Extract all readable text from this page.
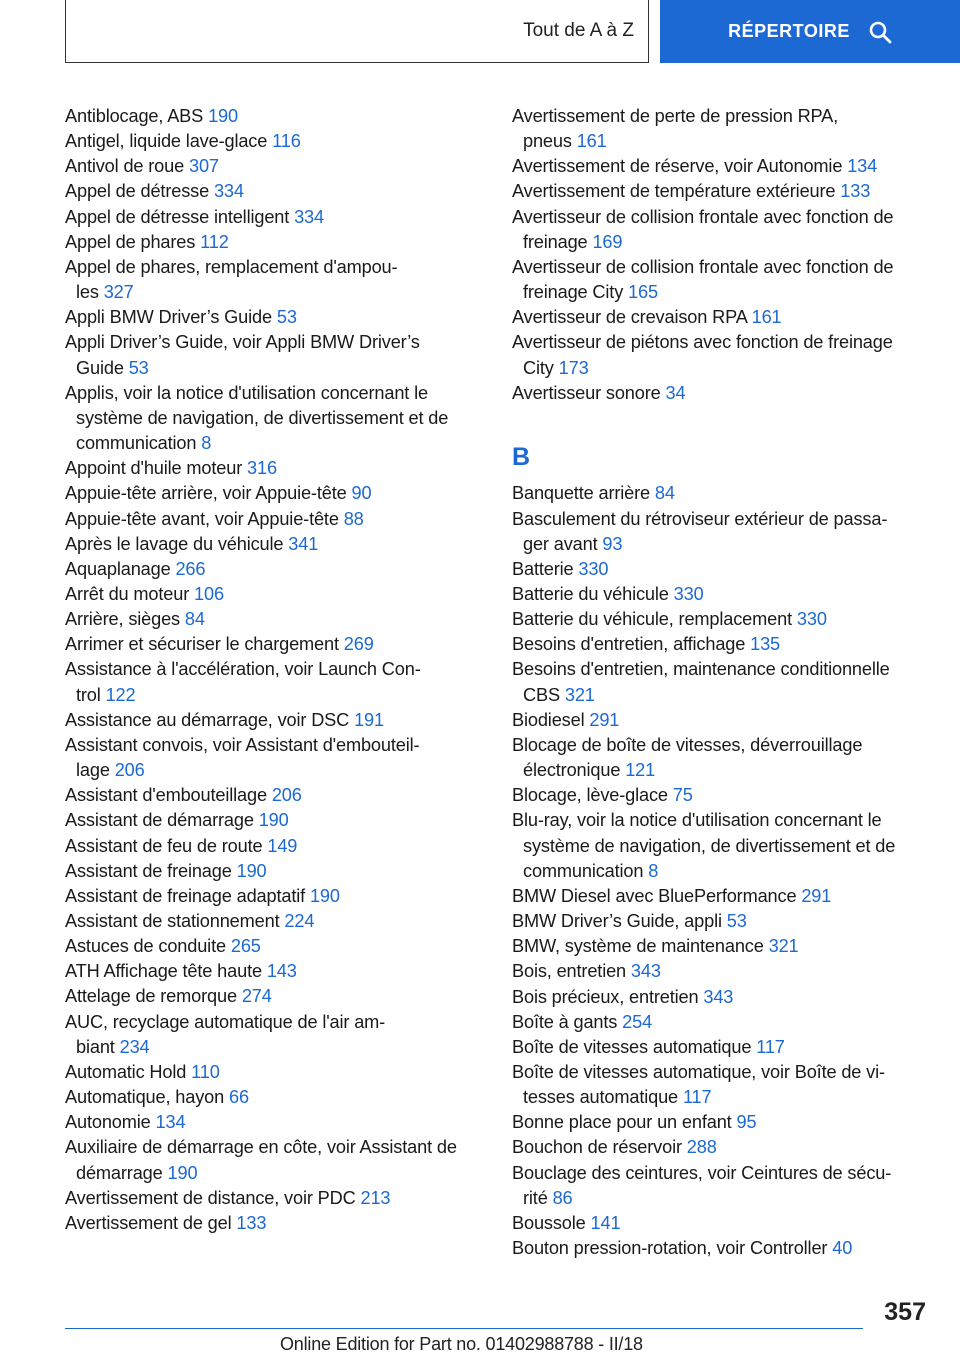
Tout de A à Z	RÉPERTOIRE
Antiblocage, ABS 190
Antigel, liquide lave-glace 116
Antivol de roue 307
Appel de détresse 334
Appel de détresse intelligent 334
Appel de phares 112
Appel de phares, remplacement d'ampou-
les 327
Appli BMW Driver’s Guide 53
Appli Driver’s Guide, voir Appli BMW Driver’s
Guide 53
Applis, voir la notice d'utilisation concernant le
système de navigation, de divertissement et de
communication 8
Appoint d'huile moteur 316
Appuie-tête arrière, voir Appuie-tête 90
Appuie-tête avant, voir Appuie-tête 88
Après le lavage du véhicule 341
Aquaplanage 266
Arrêt du moteur 106
Arrière, sièges 84
Arrimer et sécuriser le chargement 269
Assistance à l'accélération, voir Launch Con-
trol 122
Assistance au démarrage, voir DSC 191
Assistant convois, voir Assistant d'embouteil-
lage 206
Assistant d'embouteillage 206
Assistant de démarrage 190
Assistant de feu de route 149
Assistant de freinage 190
Assistant de freinage adaptatif 190
Assistant de stationnement 224
Astuces de conduite 265
ATH Affichage tête haute 143
Attelage de remorque 274
AUC, recyclage automatique de l'air am-
biant 234
Automatic Hold 110
Automatique, hayon 66
Autonomie 134
Auxiliaire de démarrage en côte, voir Assistant de
démarrage 190
Avertissement de distance, voir PDC 213
Avertissement de gel 133
Avertissement de perte de pression RPA,
pneus 161
Avertissement de réserve, voir Autonomie 134
Avertissement de température extérieure 133
Avertisseur de collision frontale avec fonction de
freinage 169
Avertisseur de collision frontale avec fonction de
freinage City 165
Avertisseur de crevaison RPA 161
Avertisseur de piétons avec fonction de freinage
City 173
Avertisseur sonore 34
B
Banquette arrière 84
Basculement du rétroviseur extérieur de passa-
ger avant 93
Batterie 330
Batterie du véhicule 330
Batterie du véhicule, remplacement 330
Besoins d'entretien, affichage 135
Besoins d'entretien, maintenance conditionnelle
CBS 321
Biodiesel 291
Blocage de boîte de vitesses, déverrouillage
électronique 121
Blocage, lève-glace 75
Blu-ray, voir la notice d'utilisation concernant le
système de navigation, de divertissement et de
communication 8
BMW Diesel avec BluePerformance 291
BMW Driver’s Guide, appli 53
BMW, système de maintenance 321
Bois, entretien 343
Bois précieux, entretien 343
Boîte à gants 254
Boîte de vitesses automatique 117
Boîte de vitesses automatique, voir Boîte de vi-
tesses automatique 117
Bonne place pour un enfant 95
Bouchon de réservoir 288
Bouclage des ceintures, voir Ceintures de sécu-
rité 86
Boussole 141
Bouton pression-rotation, voir Controller 40
357
Online Edition for Part no. 01402988788 - II/18
